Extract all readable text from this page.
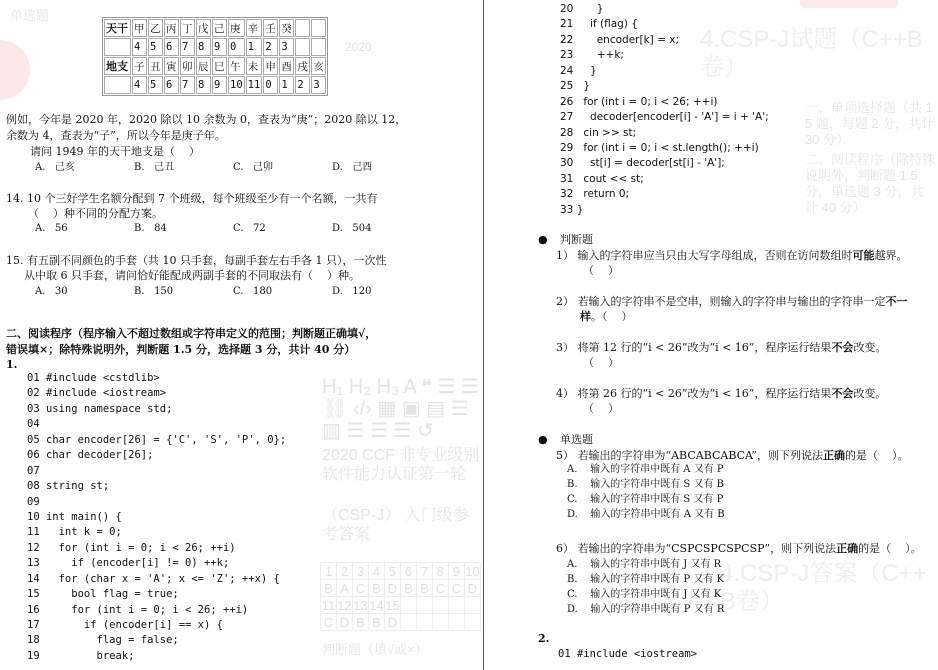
单选题
2020	4.CSP-J试题（C++B卷）
4.CSP-J答案（C++B卷）
一、单项选择题（共 15 题，每题 2 分，共计 30 分）
二、阅读程序（除特殊说明外，判断题 1.5 分，单选题 3 分，共计 40 分）
H₁ H₂ H₃ A ❝ ☰ ☰ ⛓ ‹/› ▦ ▣ ▤ ☰ ▥ ☰ ☰ ☰ ↺
2020 CCF 非专业级别软件能力认证第一轮
（CSP-J） 入门级参考答案
1	2	3	4	5	6	7	8	9	10
B	A	C	B	D	B	B	C	C	D
11	12	13	14	15					
C	D	B	B	D					
判断题（填√或×）
天干	甲	乙	丙	丁	戊	己	庚	辛	壬	癸		
	4	5	6	7	8	9	0	1	2	3		
地支	子	丑	寅	卯	辰	巳	午	未	申	酉	戌	亥
	4	5	6	7	8	9	10	11	0	1	2	3
例如，今年是 2020 年，2020 除以 10 余数为 0，查表为“庚”；2020 除以 12，
余数为 4，查表为“子”，所以今年是庚子年。
请问 1949 年的天干地支是（    ）
A.   己亥	B.   己丑	C.   己卯	D.   己酉
14. 10 个三好学生名额分配到 7 个班级，每个班级至少有一个名额，一共有
（    ）种不同的分配方案。
A.   56	B.   84	C.   72	D.   504
15. 有五副不同颜色的手套（共 10 只手套，每副手套左右手各 1 只），一次性
从中取 6 只手套，请问恰好能配成两副手套的不同取法有（    ）种。
A.   30	B.   150	C.   180	D.   120
二、阅读程序（程序输入不超过数组或字符串定义的范围；判断题正确填√，
错误填×；除特殊说明外，判断题 1.5 分，选择题 3 分，共计 40 分）
1.
01 #include <cstdlib>
02 #include <iostream>
03 using namespace std;
04
05 char encoder[26] = {'C', 'S', 'P', 0};
06 char decoder[26];
07
08 string st;
09
10 int main() {
11   int k = 0;
12   for (int i = 0; i < 26; ++i)
13     if (encoder[i] != 0) ++k;
14   for (char x = 'A'; x <= 'Z'; ++x) {
15     bool flag = true;
16     for (int i = 0; i < 26; ++i)
17       if (encoder[i] == x) {
18         flag = false;
19         break;
20       }
21     if (flag) {
22       encoder[k] = x;
23       ++k;
24     }
25   }
26   for (int i = 0; i < 26; ++i)
27     decoder[encoder[i] - 'A'] = i + 'A';
28   cin >> st;
29   for (int i = 0; i < st.length(); ++i)
30     st[i] = decoder[st[i] - 'A'];
31   cout << st;
32   return 0;
33 }
● 判断题
1） 输入的字符串应当只由大写字母组成，否则在访问数组时可能越界。
（    ）
2） 若输入的字符串不是空串，则输入的字符串与输出的字符串一定不一
样。（    ）
3） 将第 12 行的“i < 26”改为“i < 16”，程序运行结果不会改变。
（    ）
4） 将第 26 行的“i < 26”改为“i < 16”，程序运行结果不会改变。
（    ）
● 单选题
5） 若输出的字符串为“ABCABCABCA”，则下列说法正确的是（    ）。
A.    输入的字符串中既有 A 又有 P
B.    输入的字符串中既有 S 又有 B
C.    输入的字符串中既有 S 又有 P
D.    输入的字符串中既有 A 又有 B
6） 若输出的字符串为“CSPCSPCSPCSP”，则下列说法正确的是（    ）。
A.    输入的字符串中既有 J 又有 R
B.    输入的字符串中既有 P 又有 K
C.    输入的字符串中既有 J 又有 K
D.    输入的字符串中既有 P 又有 R
2.
01 #include <iostream>
